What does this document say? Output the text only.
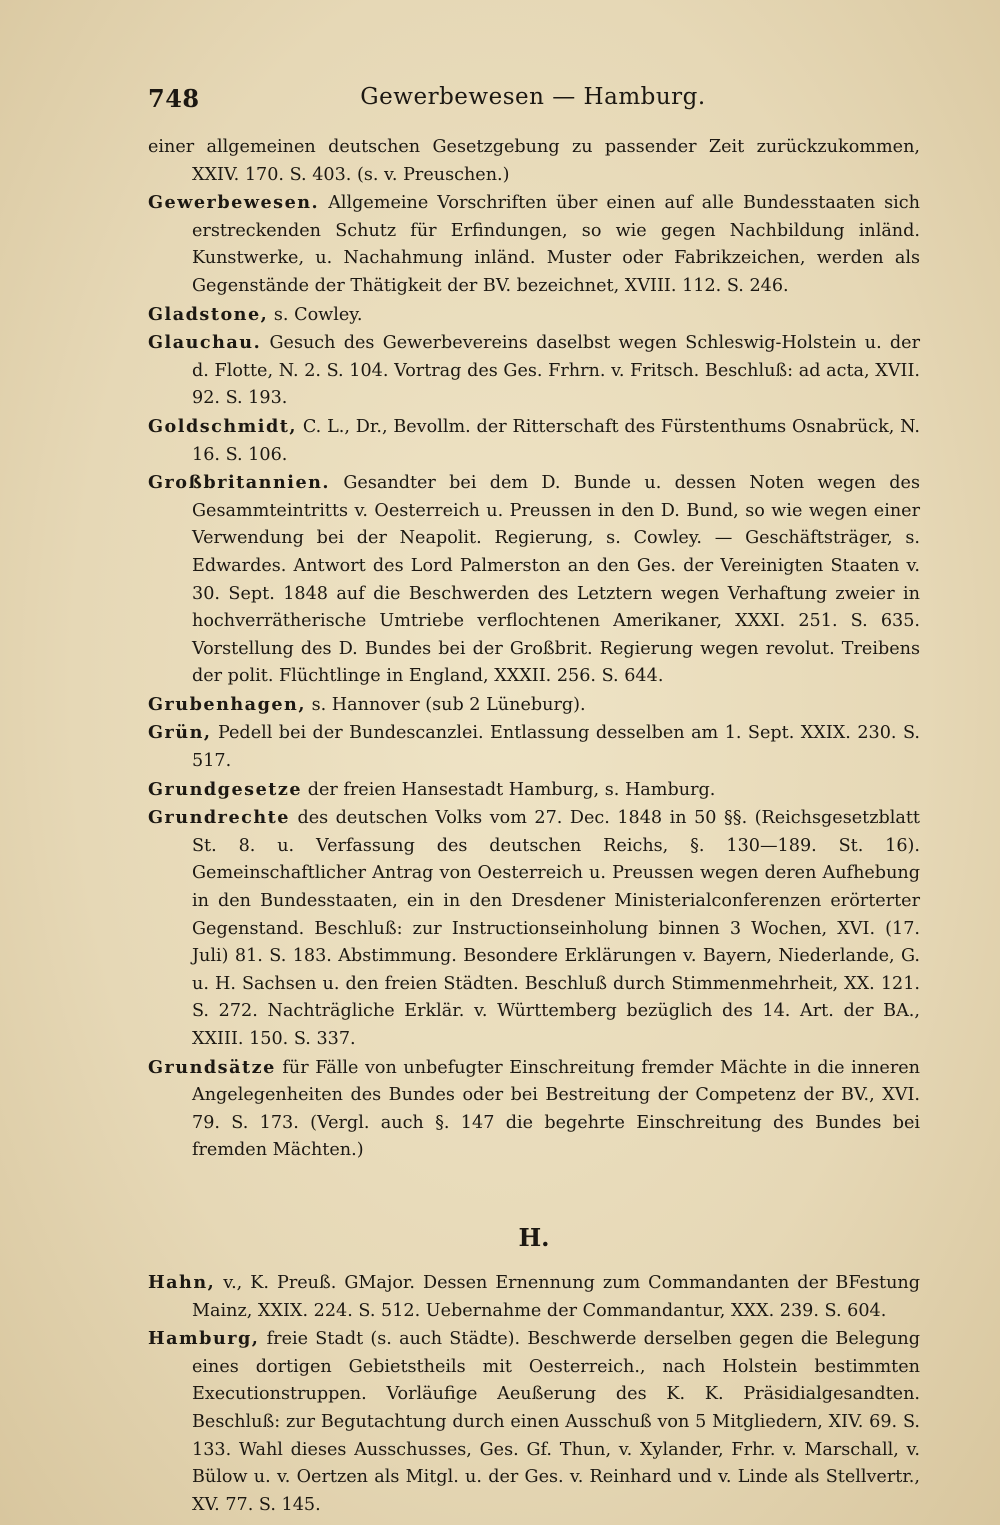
748	Gewerbewesen — Hamburg.

einer allgemeinen deutschen Gesetzgebung zu passender Zeit zurückzukommen, XXIV. 170. S. 403. (s. v. Preuschen.)

Gewerbewesen. Allgemeine Vorschriften über einen auf alle Bundesstaaten sich erstreckenden Schutz für Erfindungen, so wie gegen Nachbildung inländ. Kunstwerke, u. Nachahmung inländ. Muster oder Fabrikzeichen, werden als Gegenstände der Thätigkeit der BV. bezeichnet, XVIII. 112. S. 246.

Gladstone, s. Cowley.

Glauchau. Gesuch des Gewerbevereins daselbst wegen Schleswig-Holstein u. der d. Flotte, N. 2. S. 104. Vortrag des Ges. Frhrn. v. Fritsch. Beschluß: ad acta, XVII. 92. S. 193.

Goldschmidt, C. L., Dr., Bevollm. der Ritterschaft des Fürstenthums Osnabrück, N. 16. S. 106.

Großbritannien. Gesandter bei dem D. Bunde u. dessen Noten wegen des Gesammteintritts v. Oesterreich u. Preussen in den D. Bund, so wie wegen einer Verwendung bei der Neapolit. Regierung, s. Cowley. — Geschäftsträger, s. Edwardes. Antwort des Lord Palmerston an den Ges. der Vereinigten Staaten v. 30. Sept. 1848 auf die Beschwerden des Letztern wegen Verhaftung zweier in hochverrätherische Umtriebe verflochtenen Amerikaner, XXXI. 251. S. 635. Vorstellung des D. Bundes bei der Großbrit. Regierung wegen revolut. Treibens der polit. Flüchtlinge in England, XXXII. 256. S. 644.

Grubenhagen, s. Hannover (sub 2 Lüneburg).

Grün, Pedell bei der Bundescanzlei. Entlassung desselben am 1. Sept. XXIX. 230. S. 517.

Grundgesetze der freien Hansestadt Hamburg, s. Hamburg.

Grundrechte des deutschen Volks vom 27. Dec. 1848 in 50 §§. (Reichsgesetzblatt St. 8. u. Verfassung des deutschen Reichs, §. 130—189. St. 16). Gemeinschaftlicher Antrag von Oesterreich u. Preussen wegen deren Aufhebung in den Bundesstaaten, ein in den Dresdener Ministerialconferenzen erörterter Gegenstand. Beschluß: zur Instructionseinholung binnen 3 Wochen, XVI. (17. Juli) 81. S. 183. Abstimmung. Besondere Erklärungen v. Bayern, Niederlande, G. u. H. Sachsen u. den freien Städten. Beschluß durch Stimmenmehrheit, XX. 121. S. 272. Nachträgliche Erklär. v. Württemberg bezüglich des 14. Art. der BA., XXIII. 150. S. 337.

Grundsätze für Fälle von unbefugter Einschreitung fremder Mächte in die inneren Angelegenheiten des Bundes oder bei Bestreitung der Competenz der BV., XVI. 79. S. 173. (Vergl. auch §. 147 die begehrte Einschreitung des Bundes bei fremden Mächten.)

H.

Hahn, v., K. Preuß. GMajor. Dessen Ernennung zum Commandanten der BFestung Mainz, XXIX. 224. S. 512. Uebernahme der Commandantur, XXX. 239. S. 604.

Hamburg, freie Stadt (s. auch Städte). Beschwerde derselben gegen die Belegung eines dortigen Gebietstheils mit Oesterreich., nach Holstein bestimmten Executionstruppen. Vorläufige Aeußerung des K. K. Präsidialgesandten. Beschluß: zur Begutachtung durch einen Ausschuß von 5 Mitgliedern, XIV. 69. S. 133. Wahl dieses Ausschusses, Ges. Gf. Thun, v. Xylander, Frhr. v. Marschall, v. Bülow u. v. Oertzen als Mitgl. u. der Ges. v. Reinhard und v. Linde als Stellvertr., XV. 77. S. 145.
